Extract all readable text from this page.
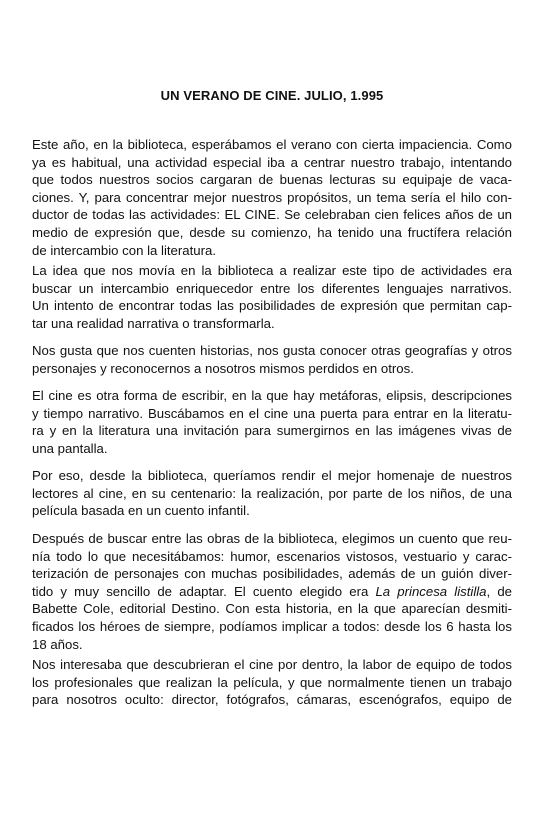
UN VERANO DE CINE. JULIO, 1.995
Este año, en la biblioteca, esperábamos el verano con cierta impaciencia. Como
ya es habitual, una actividad especial iba a centrar nuestro trabajo, intentando
que todos nuestros socios cargaran de buenas lecturas su equipaje de vaca-
ciones. Y, para concentrar mejor nuestros propósitos, un tema sería el hilo con-
ductor de todas las actividades: EL CINE. Se celebraban cien felices años de un
medio de expresión que, desde su comienzo, ha tenido una fructífera relación
de intercambio con la literatura.
La idea que nos movía en la biblioteca a realizar este tipo de actividades era
buscar un intercambio enriquecedor entre los diferentes lenguajes narrativos.
Un intento de encontrar todas las posibilidades de expresión que permitan cap-
tar una realidad narrativa o transformarla.
Nos gusta que nos cuenten historias, nos gusta conocer otras geografías y otros
personajes y reconocernos a nosotros mismos perdidos en otros.
El cine es otra forma de escribir, en la que hay metáforas, elipsis, descripciones
y tiempo narrativo. Buscábamos en el cine una puerta para entrar en la literatu-
ra y en la literatura una invitación para sumergirnos en las imágenes vivas de
una pantalla.
Por eso, desde la biblioteca, queríamos rendir el mejor homenaje de nuestros
lectores al cine, en su centenario: la realización, por parte de los niños, de una
película basada en un cuento infantil.
Después de buscar entre las obras de la biblioteca, elegimos un cuento que reu-
nía todo lo que necesitábamos: humor, escenarios vistosos, vestuario y carac-
terización de personajes con muchas posibilidades, además de un guión diver-
tido y muy sencillo de adaptar. El cuento elegido era La princesa listilla, de
Babette Cole, editorial Destino. Con esta historia, en la que aparecían desmiti-
ficados los héroes de siempre, podíamos implicar a todos: desde los 6 hasta los
18 años.
Nos interesaba que descubrieran el cine por dentro, la labor de equipo de todos
los profesionales que realizan la película, y que normalmente tienen un trabajo
para nosotros oculto: director, fotógrafos, cámaras, escenógrafos, equipo de
